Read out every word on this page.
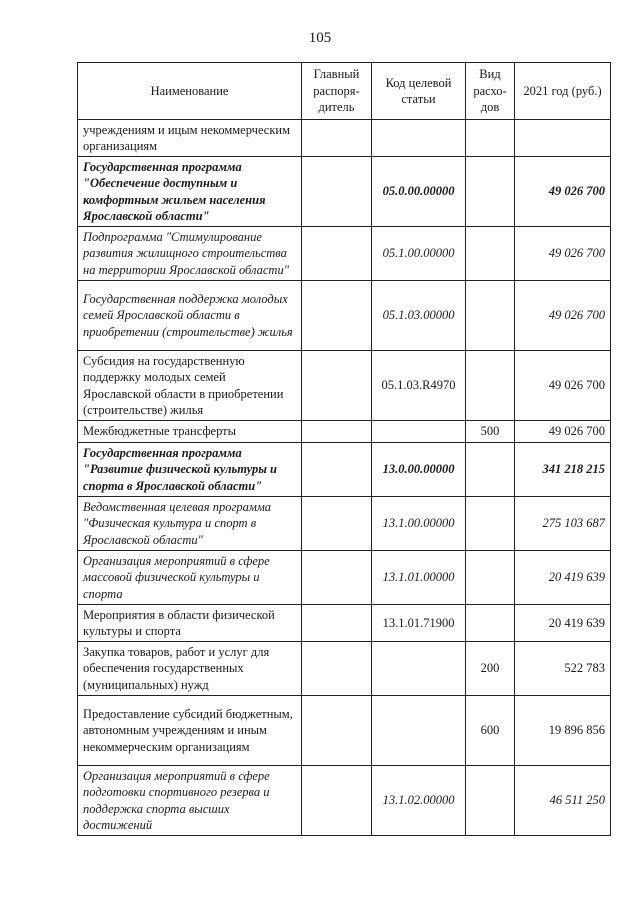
105
Наименование	Главный распоря-дитель	Код целевой статьи	Вид расхо-дов	2021 год (руб.)
учреждениям и ицым некоммерческим организациям				
Государственная программа "Обеспечение доступным и комфортным жильем населения Ярославской области"		05.0.00.00000		49 026 700
Подпрограмма "Стимулирование развития жилищного строительства на территории Ярославской области"		05.1.00.00000		49 026 700
Государственная поддержка молодых семей Ярославской области в приобретении (строительстве) жилья		05.1.03.00000		49 026 700
Субсидия на государственную поддержку молодых семей Ярославской области в приобретении (строительстве) жилья		05.1.03.R4970		49 026 700
Межбюджетные трансферты			500	49 026 700
Государственная программа "Развитие физической культуры и спорта в Ярославской области"		13.0.00.00000		341 218 215
Ведомственная целевая программа "Физическая культура и спорт в Ярославской области"		13.1.00.00000		275 103 687
Организация мероприятий в сфере массовой физической культуры и спорта		13.1.01.00000		20 419 639
Мероприятия в области физической культуры и спорта		13.1.01.71900		20 419 639
Закупка товаров, работ и услуг для обеспечения государственных (муниципальных) нужд			200	522 783
Предоставление субсидий бюджетным, автономным учреждениям и иным некоммерческим организациям			600	19 896 856
Организация мероприятий в сфере подготовки спортивного резерва и поддержка спорта высших достижений		13.1.02.00000		46 511 250
